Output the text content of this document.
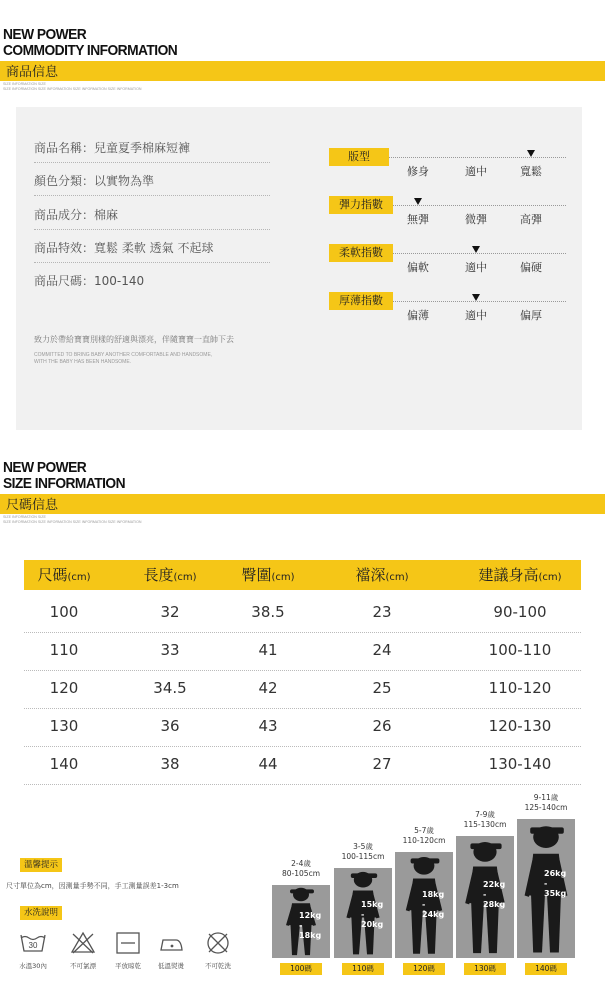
NEW POWER
COMMODITY INFORMATION
商品信息
SIZE INFORMATION SIZE
SIZE INFORMATION SIZE INFORMATION SIZE INFORMATION SIZE INFORMATION
商品名稱：兒童夏季棉麻短褲
顏色分類：以實物為準
商品成分：棉麻
商品特效：寬鬆 柔軟 透氣 不起球
商品尺碼：100-140
致力於帶給寶寶別樣的舒適與漂亮，伴隨寶寶一直帥下去
COMMITTED TO BRING BABY ANOTHER COMFORTABLE AND HANDSOME,
WITH THE BABY HAS BEEN HANDSOME.
版型
修身	適中	寬鬆
彈力指數
無彈	微彈	高彈
柔軟指數
偏軟	適中	偏硬
厚薄指數
偏薄	適中	偏厚
NEW POWER
SIZE INFORMATION
尺碼信息
SIZE INFORMATION SIZE
SIZE INFORMATION SIZE INFORMATION SIZE INFORMATION SIZE INFORMATION
尺碼(cm)	長度(cm)	臀圍(cm)	襠深(cm)	建議身高(cm)
100	32	38.5	23	90-100
110	33	41	24	100-110
120	34.5	42	25	110-120
130	36	43	26	120-130
140	38	44	27	130-140
溫馨提示
尺寸單位為cm，因測量手勢不同，手工測量誤差1-3cm
水洗說明
30
水溫30內	不可氯漂	平放晾乾	低溫熨燙	不可乾洗
2-4歲
80-105cm
12kg
-
18kg
100碼
3-5歲
100-115cm
15kg
-
20kg
110碼
5-7歲
110-120cm
18kg
-
24kg
120碼
7-9歲
115-130cm
22kg
-
28kg
130碼
9-11歲
125-140cm
26kg
-
35kg
140碼
